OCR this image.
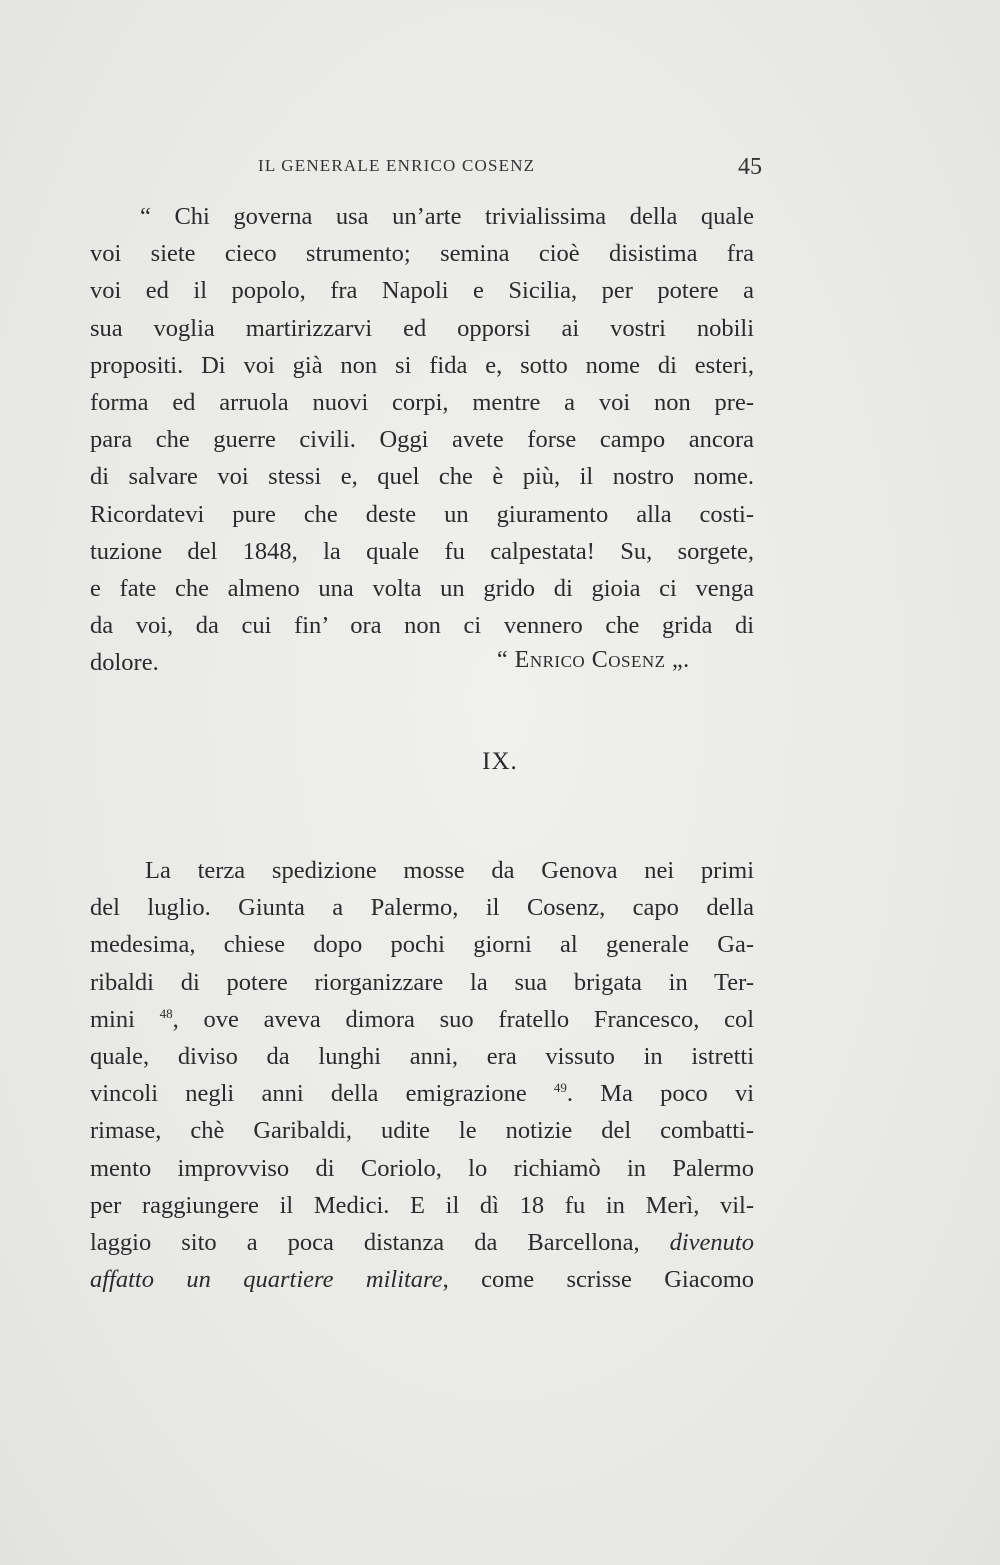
IL GENERALE ENRICO COSENZ	45
“ Chi governa usa un’arte trivialissima della quale
voi siete cieco strumento; semina cioè disistima fra
voi ed il popolo, fra Napoli e Sicilia, per potere a
sua voglia martirizzarvi ed opporsi ai vostri nobili
propositi. Di voi già non si fida e, sotto nome di esteri,
forma ed arruola nuovi corpi, mentre a voi non pre-
para che guerre civili. Oggi avete forse campo ancora
di salvare voi stessi e, quel che è più, il nostro nome.
Ricordatevi pure che deste un giuramento alla costi-
tuzione del 1848, la quale fu calpestata! Su, sorgete,
e fate che almeno una volta un grido di gioia ci venga
da voi, da cui fin’ ora non ci vennero che grida di
dolore.	“ Enrico Cosenz „.
IX.
La terza spedizione mosse da Genova nei primi
del luglio. Giunta a Palermo, il Cosenz, capo della
medesima, chiese dopo pochi giorni al generale Ga-
ribaldi di potere riorganizzare la sua brigata in Ter-
mini $^{48}$, ove aveva dimora suo fratello Francesco, col
quale, diviso da lunghi anni, era vissuto in istretti
vincoli negli anni della emigrazione $^{49}$. Ma poco vi
rimase, chè Garibaldi, udite le notizie del combatti-
mento improvviso di Coriolo, lo richiamò in Palermo
per raggiungere il Medici. E il dì 18 fu in Merì, vil-
laggio sito a poca distanza da Barcellona, divenuto
affatto un quartiere militare, come scrisse Giacomo
